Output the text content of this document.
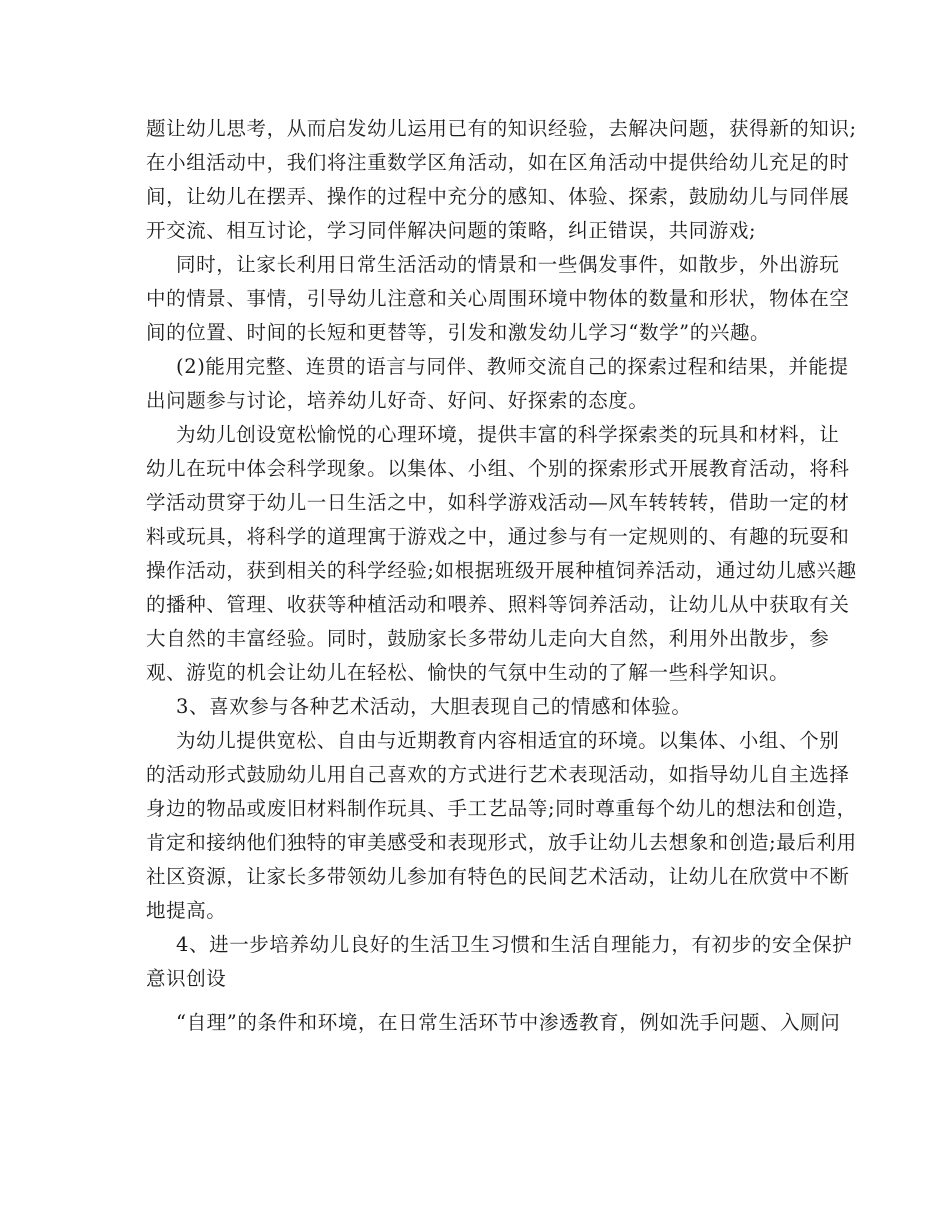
题让幼儿思考，从而启发幼儿运用已有的知识经验，去解决问题，获得新的知识;
在小组活动中，我们将注重数学区角活动，如在区角活动中提供给幼儿充足的时
间，让幼儿在摆弄、操作的过程中充分的感知、体验、探索，鼓励幼儿与同伴展
开交流、相互讨论，学习同伴解决问题的策略，纠正错误，共同游戏;
同时，让家长利用日常生活活动的情景和一些偶发事件，如散步，外出游玩
中的情景、事情，引导幼儿注意和关心周围环境中物体的数量和形状，物体在空
间的位置、时间的长短和更替等，引发和激发幼儿学习“数学”的兴趣。
(2)能用完整、连贯的语言与同伴、教师交流自己的探索过程和结果，并能提
出问题参与讨论，培养幼儿好奇、好问、好探索的态度。
为幼儿创设宽松愉悦的心理环境，提供丰富的科学探索类的玩具和材料，让
幼儿在玩中体会科学现象。以集体、小组、个别的探索形式开展教育活动，将科
学活动贯穿于幼儿一日生活之中，如科学游戏活动—风车转转转，借助一定的材
料或玩具，将科学的道理寓于游戏之中，通过参与有一定规则的、有趣的玩耍和
操作活动，获到相关的科学经验;如根据班级开展种植饲养活动，通过幼儿感兴趣
的播种、管理、收获等种植活动和喂养、照料等饲养活动，让幼儿从中获取有关
大自然的丰富经验。同时，鼓励家长多带幼儿走向大自然，利用外出散步，参
观、游览的机会让幼儿在轻松、愉快的气氛中生动的了解一些科学知识。
3、喜欢参与各种艺术活动，大胆表现自己的情感和体验。
为幼儿提供宽松、自由与近期教育内容相适宜的环境。以集体、小组、个别
的活动形式鼓励幼儿用自己喜欢的方式进行艺术表现活动，如指导幼儿自主选择
身边的物品或废旧材料制作玩具、手工艺品等;同时尊重每个幼儿的想法和创造，
肯定和接纳他们独特的审美感受和表现形式，放手让幼儿去想象和创造;最后利用
社区资源，让家长多带领幼儿参加有特色的民间艺术活动，让幼儿在欣赏中不断
地提高。
4、进一步培养幼儿良好的生活卫生习惯和生活自理能力，有初步的安全保护
意识创设
“自理”的条件和环境，在日常生活环节中渗透教育，例如洗手问题、入厕问
